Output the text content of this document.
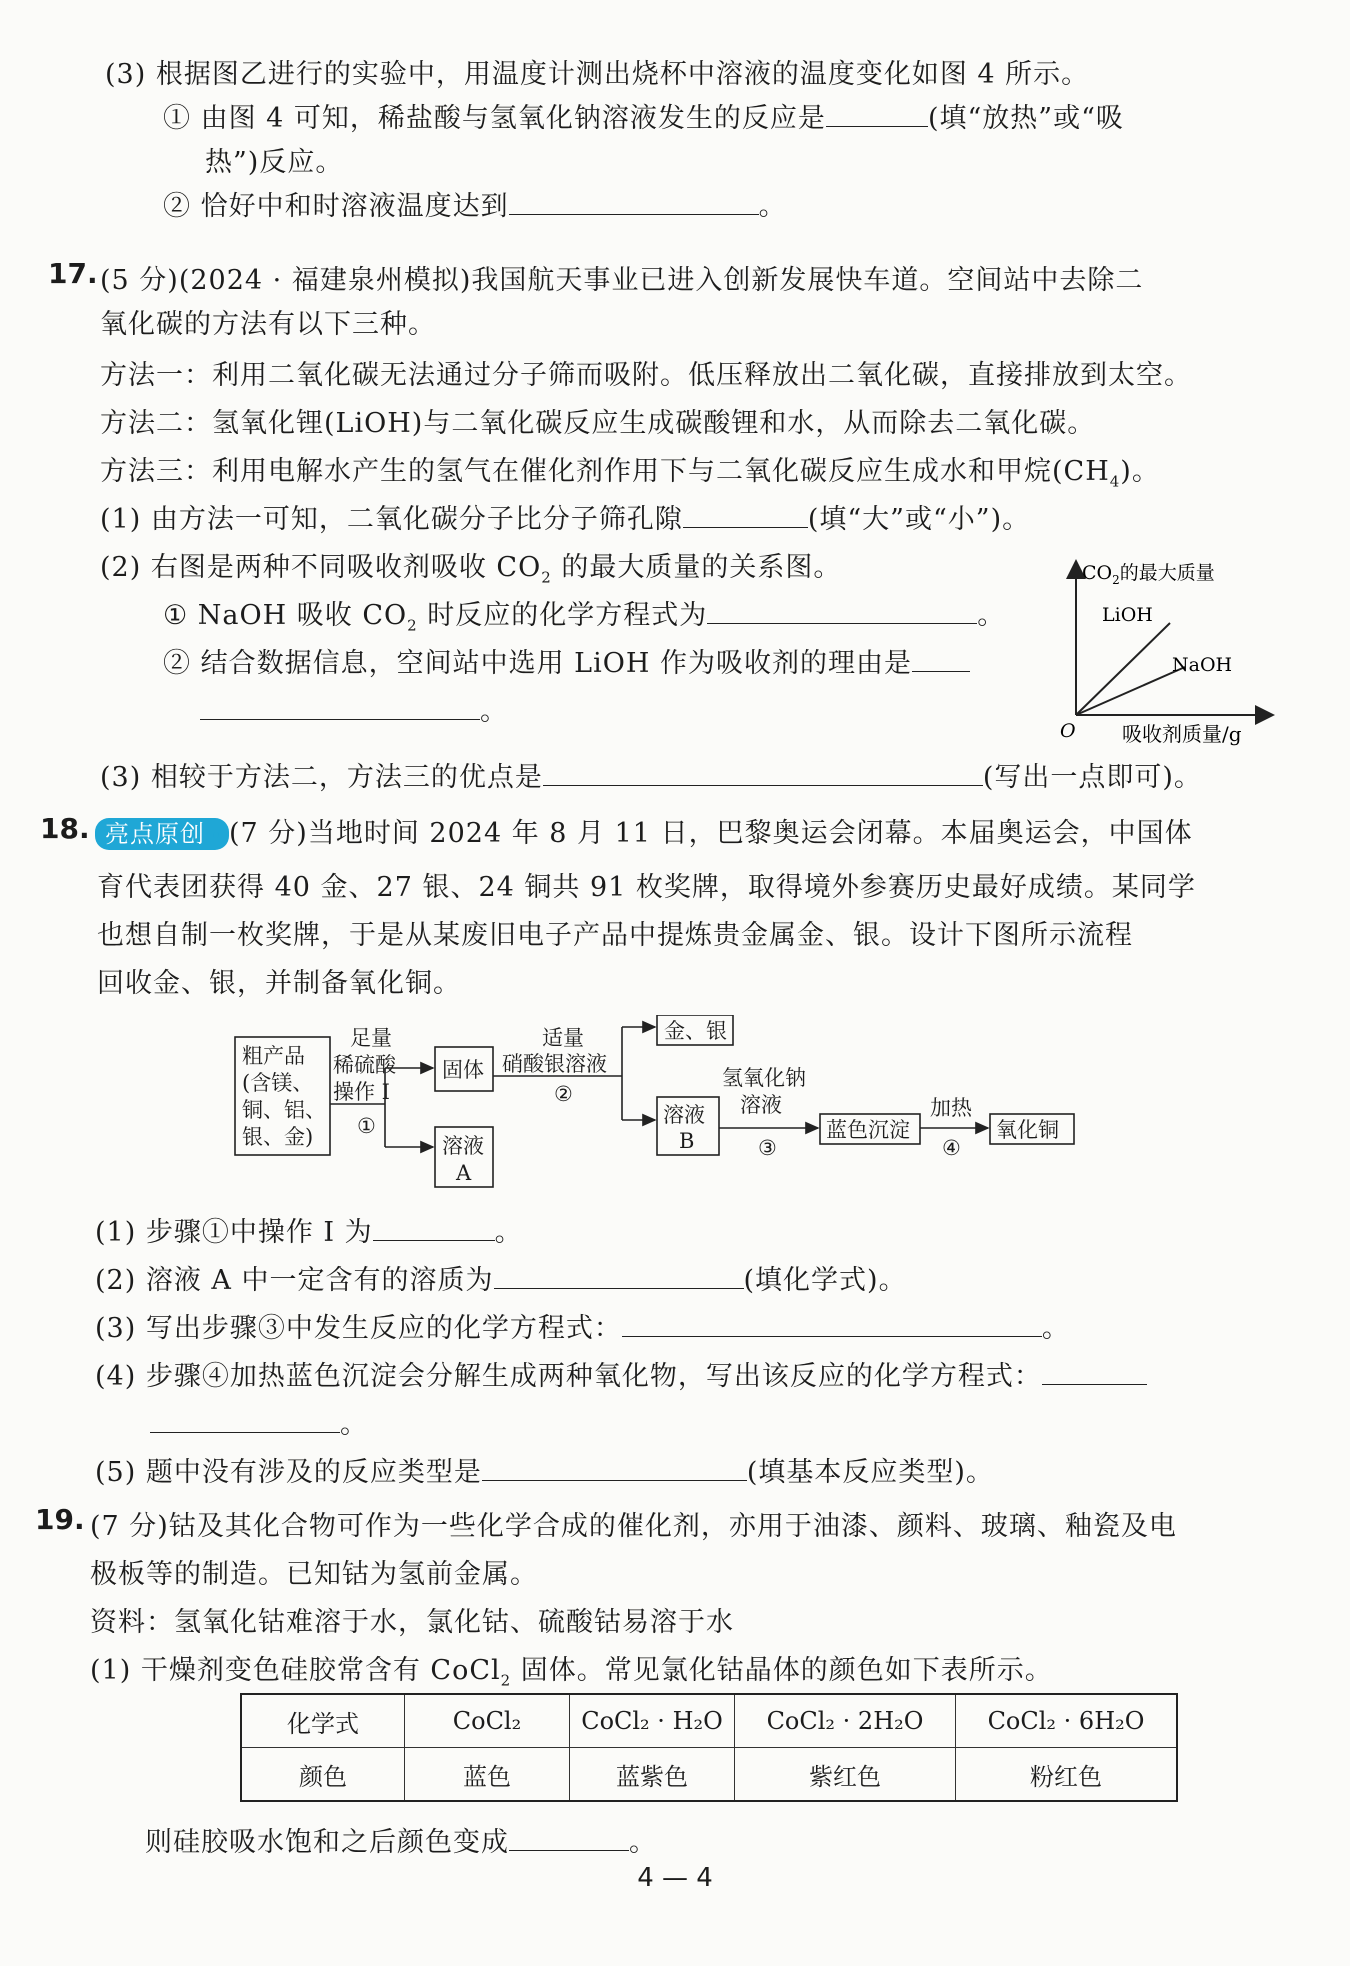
(3) 根据图乙进行的实验中，用温度计测出烧杯中溶液的温度变化如图 4 所示。
① 由图 4 可知，稀盐酸与氢氧化钠溶液发生的反应是	(填“放热”或“吸
热”)反应。
② 恰好中和时溶液温度达到	。
17. (5 分)(2024 · 福建泉州模拟)我国航天事业已进入创新发展快车道。空间站中去除二
氧化碳的方法有以下三种。
方法一：利用二氧化碳无法通过分子筛而吸附。低压释放出二氧化碳，直接排放到太空。
方法二：氢氧化锂(LiOH)与二氧化碳反应生成碳酸锂和水，从而除去二氧化碳。
方法三：利用电解水产生的氢气在催化剂作用下与二氧化碳反应生成水和甲烷$(CH_4)$。
(1) 由方法一可知，二氧化碳分子比分子筛孔隙	(填“大”或“小”)。
(2) 右图是两种不同吸收剂吸收 $CO_2$ 的最大质量的关系图。
① NaOH 吸收 $CO_2$ 时反应的化学方程式为	。
② 结合数据信息，空间站中选用 LiOH 作为吸收剂的理由是
。
(3) 相较于方法二，方法三的优点是	(写出一点即可)。
$CO_2$的最大质量
LiOH
NaOH
O 吸收剂质量/g
18. 亮点原创 (7 分)当地时间 2024 年 8 月 11 日，巴黎奥运会闭幕。本届奥运会，中国体
育代表团获得 40 金、27 银、24 铜共 91 枚奖牌，取得境外参赛历史最好成绩。某同学
也想自制一枚奖牌，于是从某废旧电子产品中提炼贵金属金、银。设计下图所示流程
回收金、银，并制备氧化铜。
粗产品
(含镁、
铜、铝、
银、金)
足量
稀硫酸
操作 I
①
固体
溶液
A
适量
硝酸银溶液
②
金、银
溶液
B
氢氧化钠
溶液
③
蓝色沉淀
加热
④
氧化铜
(1) 步骤①中操作 I 为	。
(2) 溶液 A 中一定含有的溶质为	(填化学式)。
(3) 写出步骤③中发生反应的化学方程式：	。
(4) 步骤④加热蓝色沉淀会分解生成两种氧化物，写出该反应的化学方程式：
。
(5) 题中没有涉及的反应类型是	(填基本反应类型)。
19. (7 分)钴及其化合物可作为一些化学合成的催化剂，亦用于油漆、颜料、玻璃、釉瓷及电
极板等的制造。已知钴为氢前金属。
资料：氢氧化钴难溶于水，氯化钴、硫酸钴易溶于水
(1) 干燥剂变色硅胶常含有 CoCl$_2$ 固体。常见氯化钴晶体的颜色如下表所示。
化学式	CoCl₂	CoCl₂ · H₂O	CoCl₂ · 2H₂O	CoCl₂ · 6H₂O
颜色	蓝色	蓝紫色	紫红色	粉红色
则硅胶吸水饱和之后颜色变成	。
4 — 4
